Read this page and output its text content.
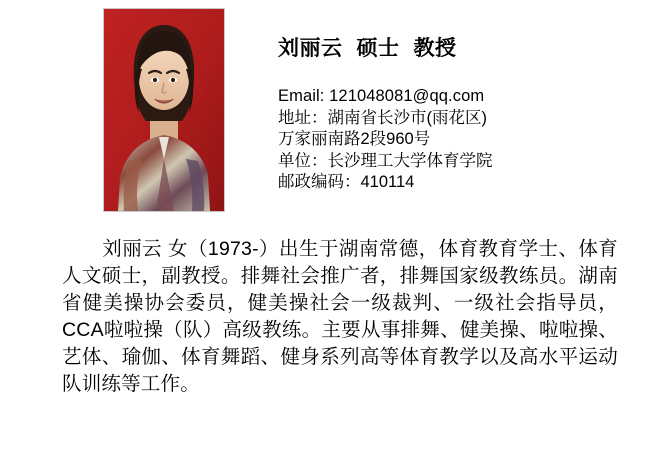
刘丽云 硕士 教授
Email: 121048081@qq.com
地址：湖南省长沙市(雨花区)
万家丽南路2段960号
单位：长沙理工大学体育学院
邮政编码：410114
刘丽云 女（1973-）出生于湖南常德，体育教育学士、体育人文硕士，副教授。排舞社会推广者，排舞国家级教练员。湖南省健美操协会委员，健美操社会一级裁判、一级社会指导员，CCA啦啦操（队）高级教练。主要从事排舞、健美操、啦啦操、艺体、瑜伽、体育舞蹈、健身系列高等体育教学以及高水平运动队训练等工作。
